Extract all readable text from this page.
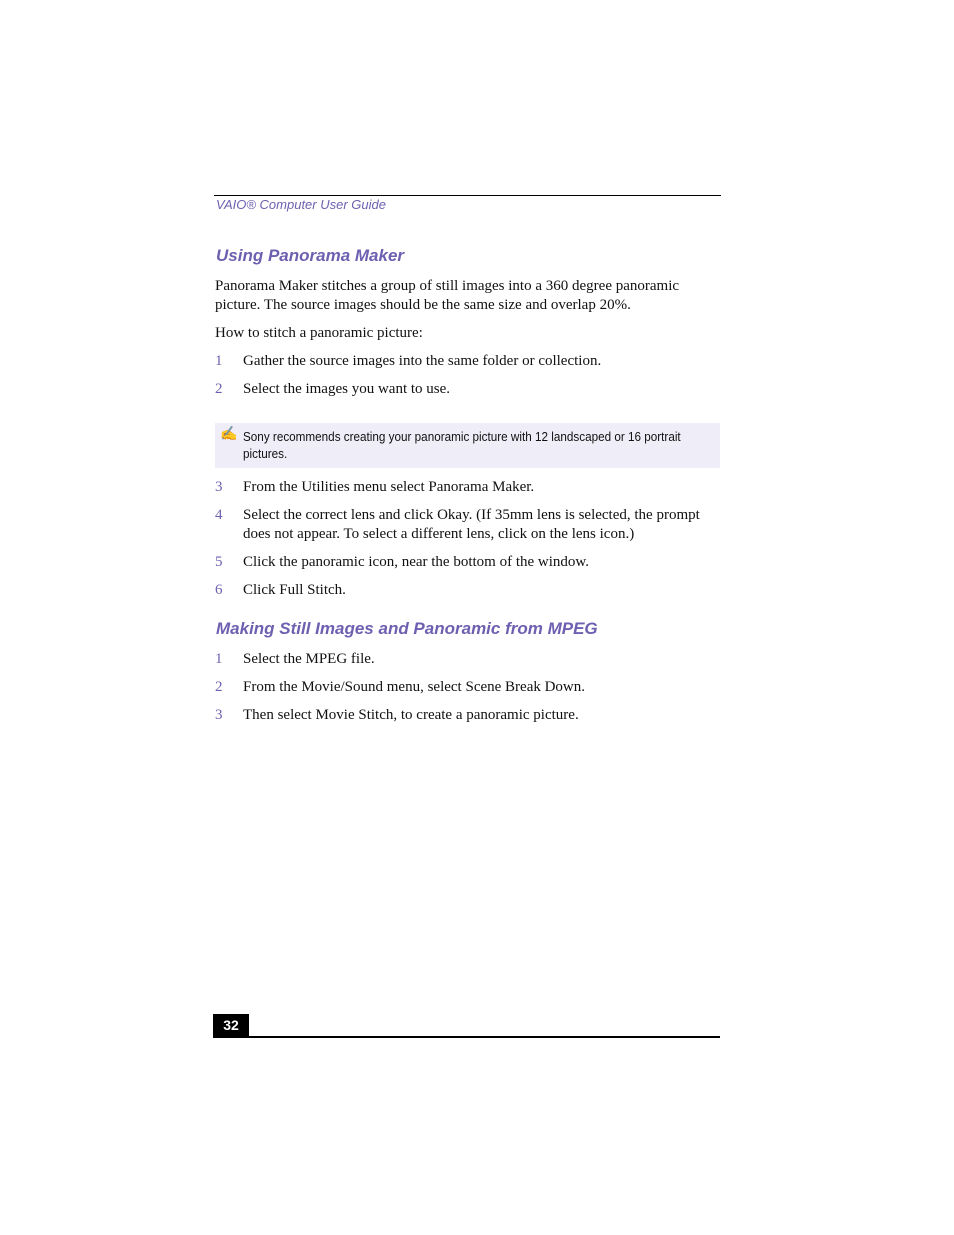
VAIO® Computer User Guide
Using Panorama Maker
Panorama Maker stitches a group of still images into a 360 degree panoramic picture. The source images should be the same size and overlap 20%.
How to stitch a panoramic picture:
1	Gather the source images into the same folder or collection.
2	Select the images you want to use.
✍ Sony recommends creating your panoramic picture with 12 landscaped or 16 portrait pictures.
3	From the Utilities menu select Panorama Maker.
4	Select the correct lens and click Okay. (If 35mm lens is selected, the prompt does not appear. To select a different lens, click on the lens icon.)
5	Click the panoramic icon, near the bottom of the window.
6	Click Full Stitch.
Making Still Images and Panoramic from MPEG
1	Select the MPEG file.
2	From the Movie/Sound menu, select Scene Break Down.
3	Then select Movie Stitch, to create a panoramic picture.
32
